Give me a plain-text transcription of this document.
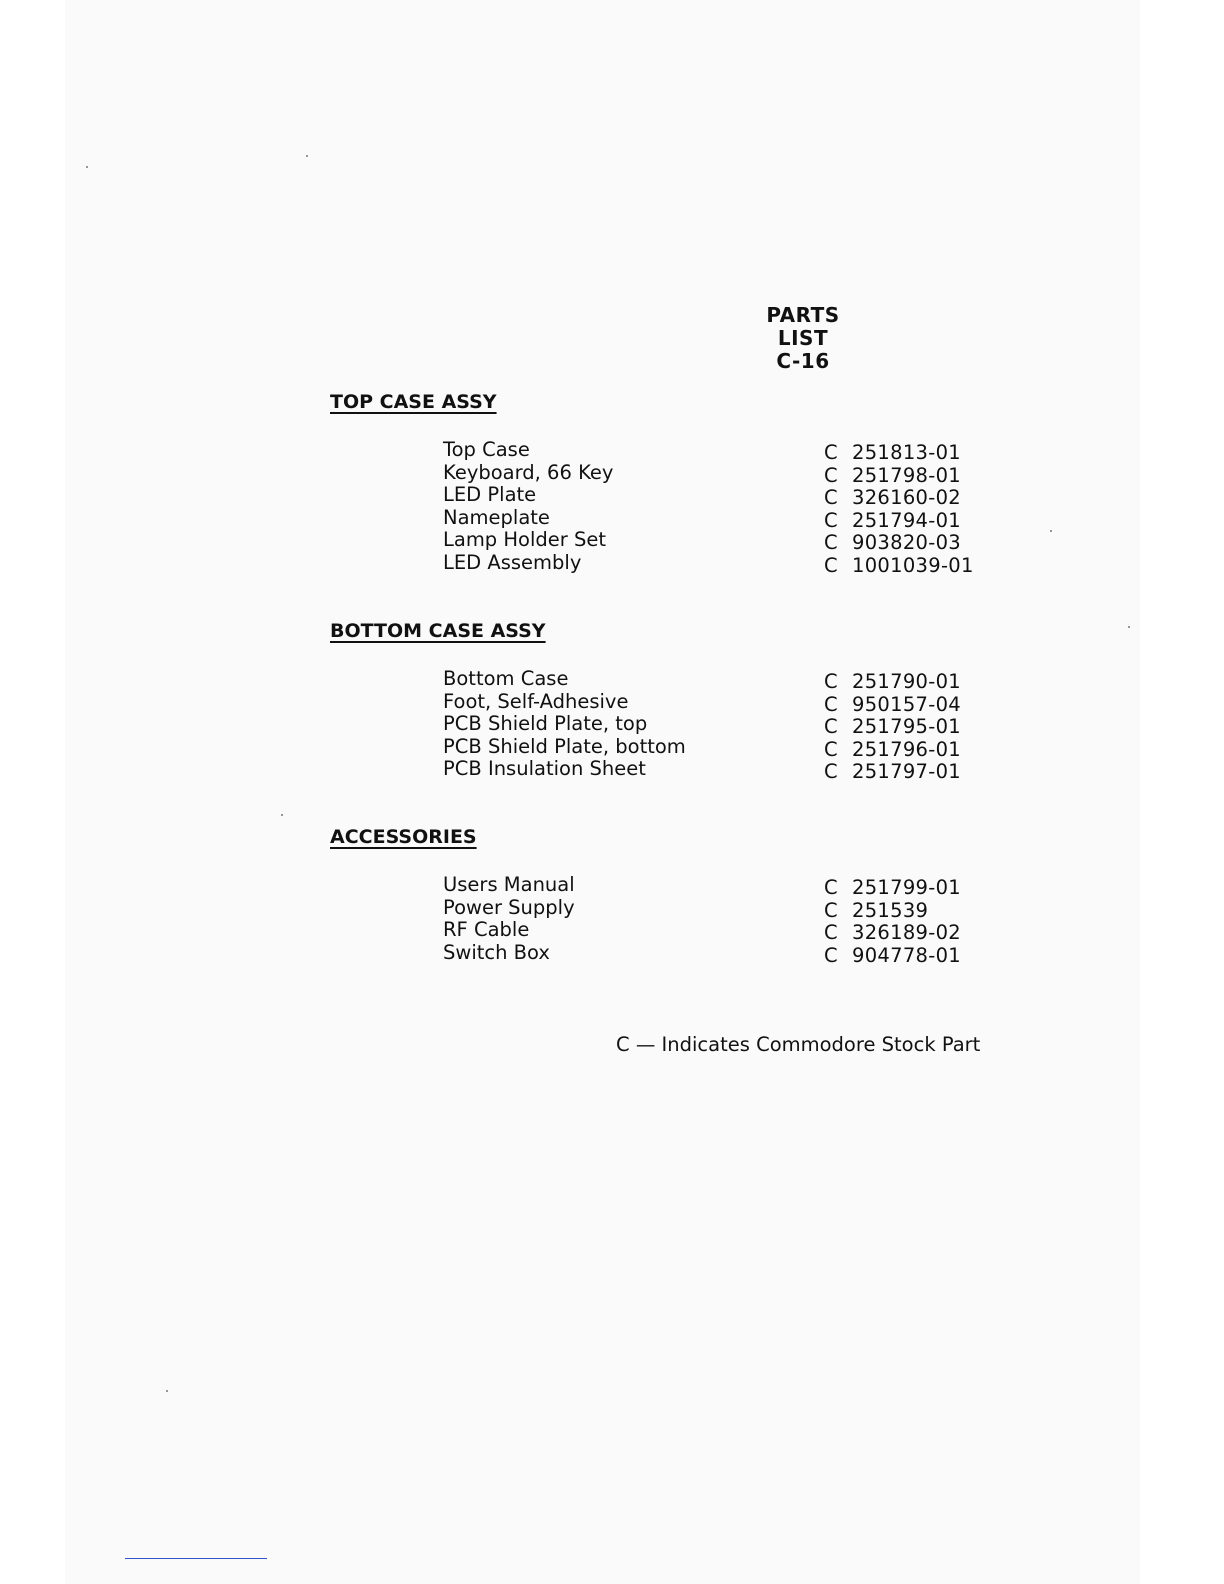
PARTS LIST
C-16
TOP CASE ASSY
Top Case	C 251813-01
Keyboard, 66 Key	C 251798-01
LED Plate	C 326160-02
Nameplate	C 251794-01
Lamp Holder Set	C 903820-03
LED Assembly	C 1001039-01
BOTTOM CASE ASSY
Bottom Case	C 251790-01
Foot, Self-Adhesive	C 950157-04
PCB Shield Plate, top	C 251795-01
PCB Shield Plate, bottom	C 251796-01
PCB Insulation Sheet	C 251797-01
ACCESSORIES
Users Manual	C 251799-01
Power Supply	C 251539
RF Cable	C 326189-02
Switch Box	C 904778-01
C — Indicates Commodore Stock Part
